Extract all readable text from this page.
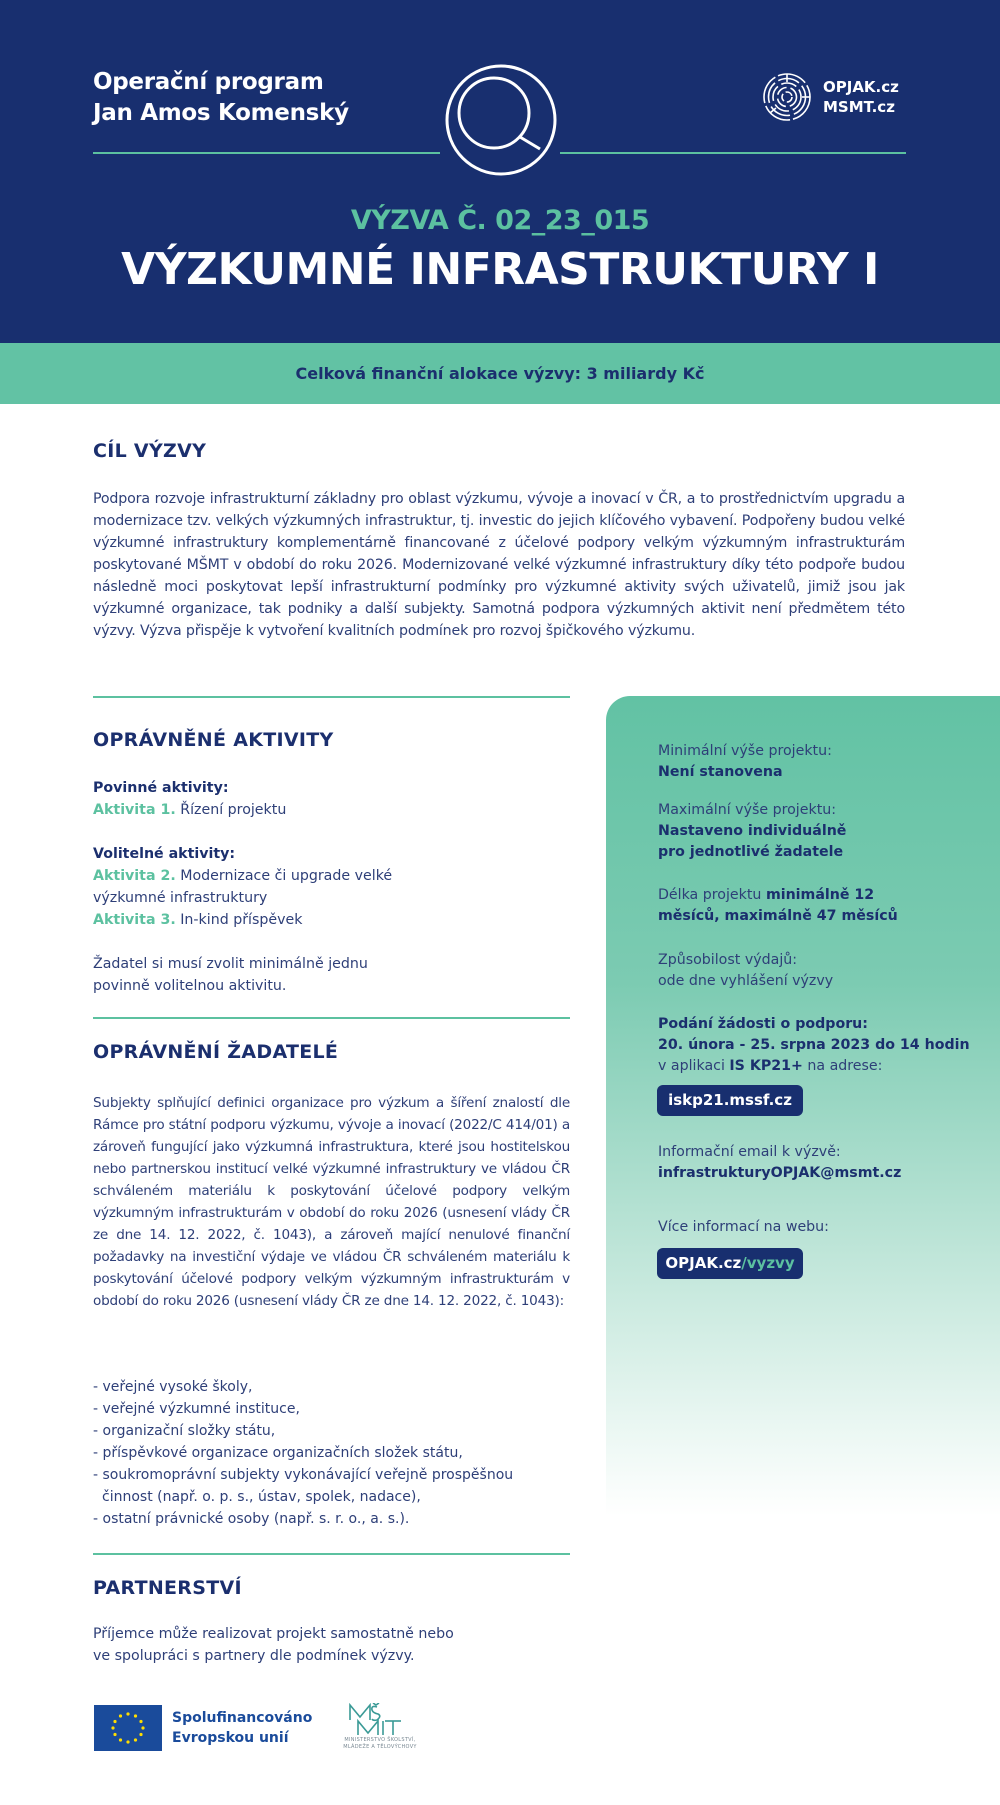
Operační program
Jan Amos Komenský
OPJAK.cz
MSMT.cz
VÝZVA Č. 02_23_015
VÝZKUMNÉ INFRASTRUKTURY I
Celková finanční alokace výzvy: 3 miliardy Kč
CÍL VÝZVY
Podpora rozvoje infrastrukturní základny pro oblast výzkumu, vývoje a inovací v ČR, a to prostřednictvím upgradu a modernizace tzv. velkých výzkumných infrastruktur, tj. investic do jejich klíčového vybavení. Podpořeny budou velké výzkumné infrastruktury komplementárně financované z účelové podpory velkým výzkumným infrastrukturám poskytované MŠMT v období do roku 2026. Modernizované velké výzkumné infrastruktury díky této podpoře budou následně moci poskytovat lepší infrastrukturní podmínky pro výzkumné aktivity svých uživatelů, jimiž jsou jak výzkumné organizace, tak podniky a další subjekty. Samotná podpora výzkumných aktivit není předmětem této výzvy. Výzva přispěje k vytvoření kvalitních podmínek pro rozvoj špičkového výzkumu.
OPRÁVNĚNÉ AKTIVITY
Povinné aktivity:
Aktivita 1. Řízení projektu
Volitelné aktivity:
Aktivita 2. Modernizace či upgrade velké
výzkumné infrastruktury
Aktivita 3. In-kind příspěvek
Žadatel si musí zvolit minimálně jednu
povinně volitelnou aktivitu.
OPRÁVNĚNÍ ŽADATELÉ
Subjekty splňující definici organizace pro výzkum a šíření znalostí dle Rámce pro státní podporu výzkumu, vývoje a inovací (2022/C 414/01) a zároveň fungující jako výzkumná infrastruktura, které jsou hostitelskou nebo partnerskou institucí velké výzkumné infrastruktury ve vládou ČR schváleném materiálu k poskytování účelové podpory velkým výzkumným infrastrukturám v období do roku 2026 (usnesení vlády ČR ze dne 14. 12. 2022, č. 1043), a zároveň mající nenulové finanční požadavky na investiční výdaje ve vládou ČR schváleném materiálu k poskytování účelové podpory velkým výzkumným infrastrukturám v období do roku 2026 (usnesení vlády ČR ze dne 14. 12. 2022, č. 1043):
- veřejné vysoké školy,
- veřejné výzkumné instituce,
- organizační složky státu,
- příspěvkové organizace organizačních složek státu,
- soukromoprávní subjekty vykonávající veřejně prospěšnou
činnost (např. o. p. s., ústav, spolek, nadace),
- ostatní právnické osoby (např. s. r. o., a. s.).
PARTNERSTVÍ
Příjemce může realizovat projekt samostatně nebo
ve spolupráci s partnery dle podmínek výzvy.
Minimální výše projektu:
Není stanovena
Maximální výše projektu:
Nastaveno individuálně
pro jednotlivé žadatele
Délka projektu minimálně 12
měsíců, maximálně 47 měsíců
Způsobilost výdajů:
ode dne vyhlášení výzvy
Podání žádosti o podporu:
20. února - 25. srpna 2023 do 14 hodin
v aplikaci IS KP21+ na adrese:
iskp21.mssf.cz
Informační email k výzvě:
infrastrukturyOPJAK@msmt.cz
Více informací na webu:
OPJAK.cz/vyzvy
Spolufinancováno
Evropskou unií	MINISTERSTVO ŠKOLSTVÍ,
MLÁDEŽE A TĚLOVÝCHOVY
